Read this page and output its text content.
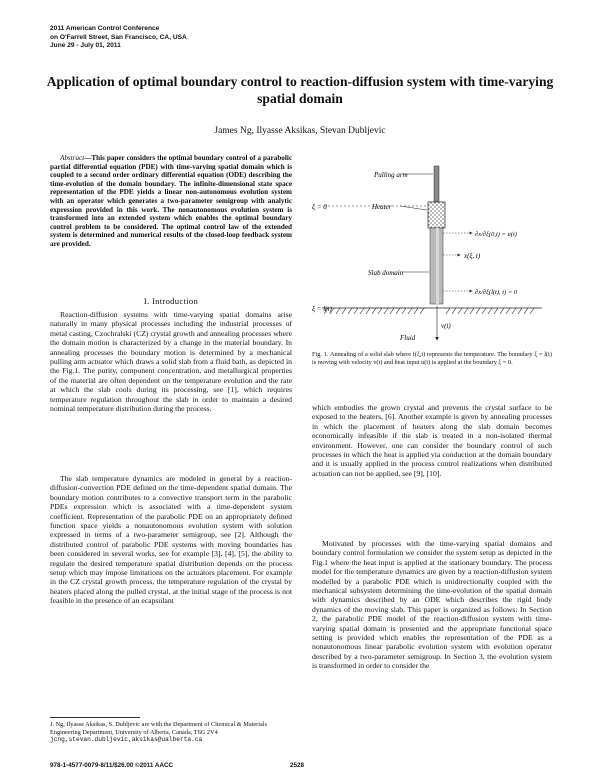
2011 American Control Conference
on O'Farrell Street, San Francisco, CA, USA
June 29 - July 01, 2011
Application of optimal boundary control to reaction-diffusion system with time-varying spatial domain
James Ng, Ilyasse Aksikas, Stevan Dubljevic
Abstract—This paper considers the optimal boundary control of a parabolic partial differential equation (PDE) with time-varying spatial domain which is coupled to a second order ordinary differential equation (ODE) describing the time-evolution of the domain boundary. The infinite-dimensional state space representation of the PDE yields a linear non-autonomous evolution system with an operator which generates a two-parameter semigroup with analytic expression provided in this work. The nonautonomous evolution system is transformed into an extended system which enables the optimal boundary control problem to be considered. The optimal control law of the extended system is determined and numerical results of the closed-loop feedback system are provided.
I. Introduction
Reaction-diffusion systems with time-varying spatial domains arise naturally in many physical processes including the industrial processes of metal casting, Czochralski (CZ) crystal growth and annealing processes where the domain motion is characterized by a change in the material boundary. In annealing processes the boundary motion is determined by a mechanical pulling arm actuator which draws a solid slab from a fluid bath, as depicted in the Fig.1. The purity, component concentration, and metallurgical properties of the material are often dependent on the temperature evolution and the rate at which the slab cools during its processing, see [1], which requires temperature regulation throughout the slab in order to maintain a desired nominal temperature distribution during the process.
The slab temperature dynamics are modeled in general by a reaction-diffusion-convection PDE defined on the time-dependent spatial domain. The boundary motion contributes to a convective transport term in the parabolic PDEs expression which is associated with a time-dependent system coefficient. Representation of the parabolic PDE on an appropriately defined function space yields a nonautonomous evolution system with solution expressed in terms of a two-parameter semigroup, see [2]. Although the distributed control of parabolic PDE systems with moving boundaries has been considered in several works, see for example [3], [4], [5], the ability to regulate the desired temperature spatial distribution depends on the process setup which may impose limitations on the actuators placement. For example in the CZ crystal growth process, the temperature regulation of the crystal by heaters placed along the pulled crystal, at the initial stage of the process is not feasible in the presence of an ecapsulant
J. Ng, Ilyasse Aksikas, S. Dubljevic are with the Department of Chemical & Materials Engineering Department, University of Alberta, Canada, T6G 2V4 jcng,stevan.dubljevic,aksikas@ualberta.ca
Pulling arm
Heater
ξ = 0
Slab domain
ξ = l(t)
∂x/∂ξ(0,t) = u(t)
x(ξ, t)
∂x/∂ξ(l(t), t) = 0
v(t)
Fluid
Fig. 1. Annealing of a solid slab where f(ξ,t) represents the temperature. The boundary ξ = l(t) is moving with velocity v(t) and heat input u(t) is applied at the boundary ξ = 0.
which embodies the grown crystal and prevents the crystal surface to be exposed to the heaters, [6]. Another example is given by annealing processes in which the placement of heaters along the slab domain becomes economically infeasible if the slab is treated in a non-isolated thermal environment. However, one can consider the boundary control of such processes in which the heat is applied via conduction at the domain boundary and it is usually applied in the process control realizations when distributed actuation can not be applied, see [9], [10].
Motivated by processes with the time-varying spatial domains and boundary control formulation we consider the system setup as depicted in the Fig.1 where the heat input is applied at the stationary boundary. The process model for the temperature dynamics are given by a reaction-diffusion system modelled by a parabolic PDE which is unidirectionally coupled with the mechanical subsystem determining the time-evolution of the spatial domain with dynamics described by an ODE which describes the rigid body dynamics of the moving slab. This paper is organized as follows: In Section 2, the parabolic PDE model of the reaction-diffusion system with time-varying spatial domain is presented and the appropriate functional space setting is provided which enables the representation of the PDE as a nonautonomous linear parabolic evolution system with evolution operator described by a two-parameter semigroup. In Section 3, the evolution system is transformed in order to consider the
978-1-4577-0079-8/11/$26.00 ©2011 AACC	2528
